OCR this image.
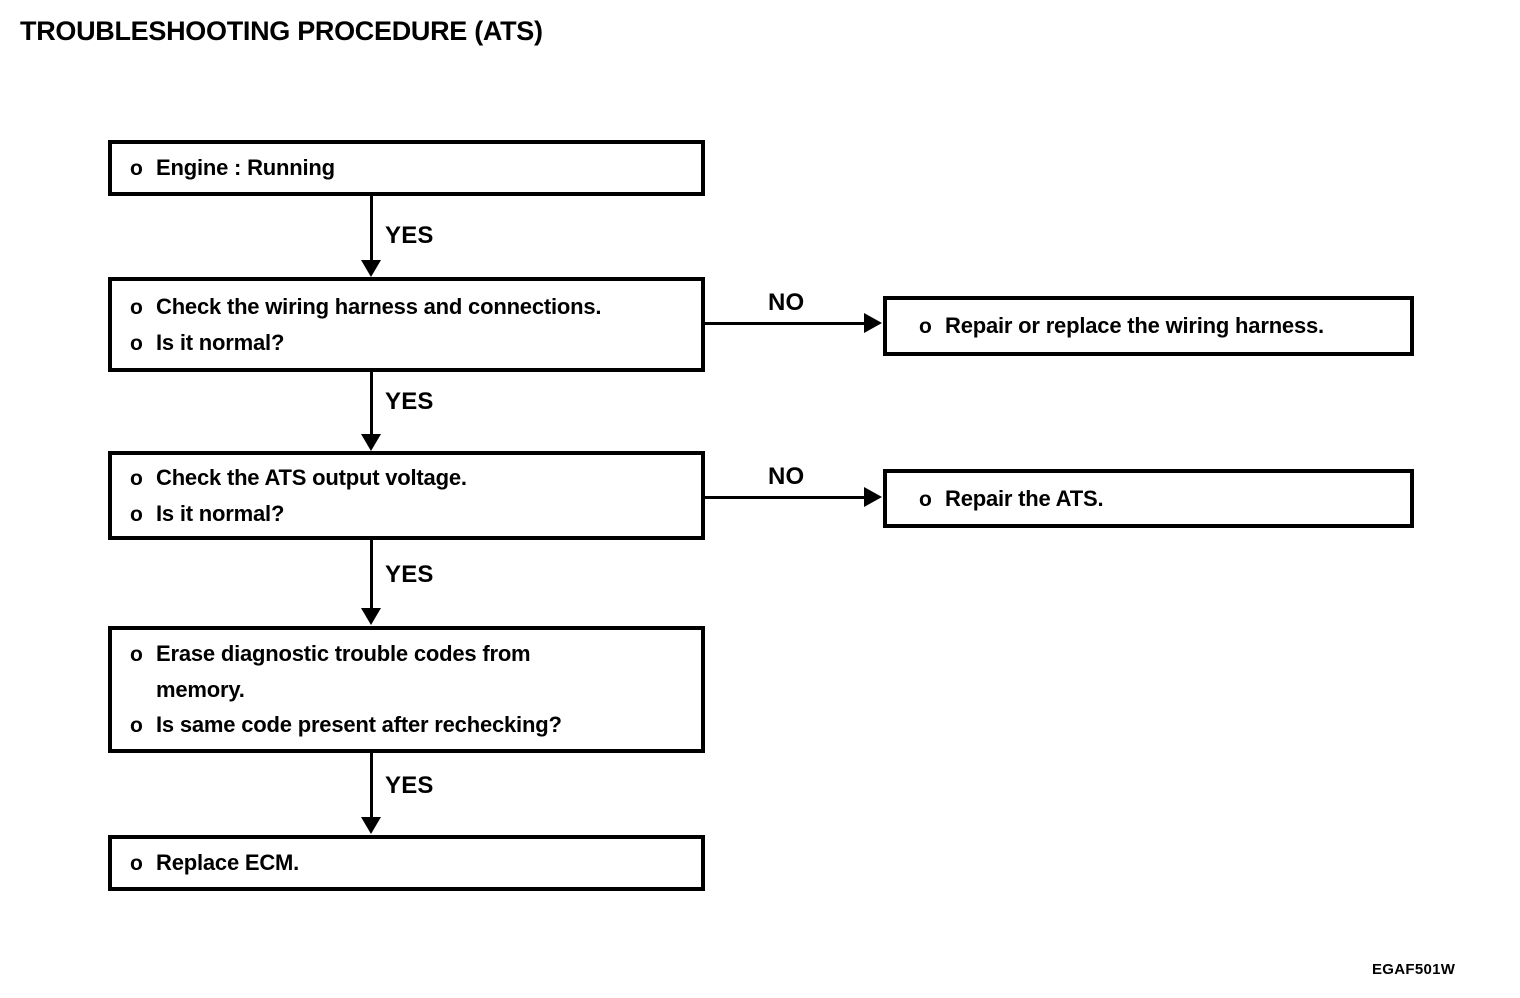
TROUBLESHOOTING PROCEDURE (ATS)
o Engine : Running
o Check the wiring harness and connections.
o Is it normal?
o Check the ATS output voltage.
o Is it normal?
o Erase diagnostic trouble codes from
memory.
o Is same code present after rechecking?
o Replace ECM.
o Repair or replace the wiring harness.
o Repair the ATS.
YES
YES
YES
YES
NO
NO
EGAF501W
